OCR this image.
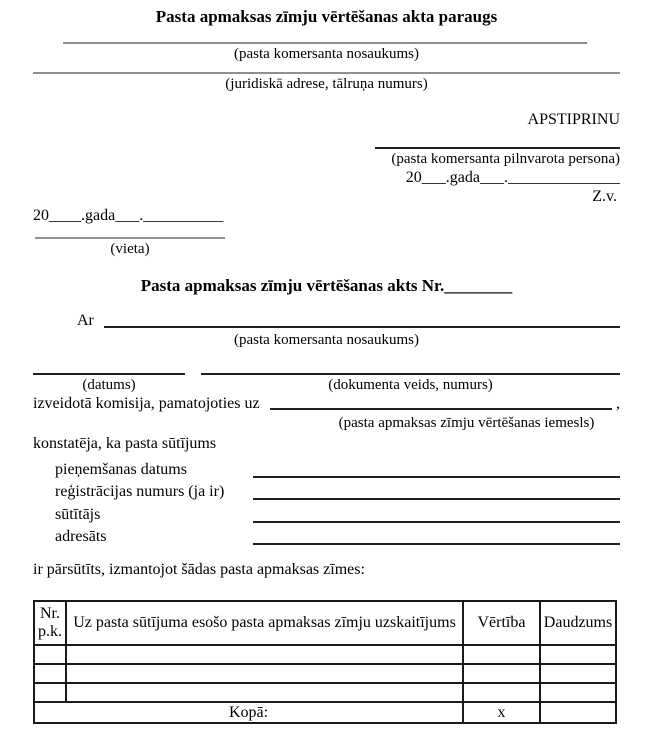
Pasta apmaksas zīmju vērtēšanas akta paraugs
(pasta komersanta nosaukums)
(juridiskā adrese, tālruņa numurs)
APSTIPRINU
(pasta komersanta pilnvarota persona)
20___.gada___.______________
Z.v.
20____.gada___.__________
(vieta)
Pasta apmaksas zīmju vērtēšanas akts Nr.________
Ar
(pasta komersanta nosaukums)
(datums)	(dokumenta veids, numurs)
izveidotā komisija, pamatojoties uz	,
(pasta apmaksas zīmju vērtēšanas iemesls)
konstatēja, ka pasta sūtījums
pieņemšanas datums
reģistrācijas numurs (ja ir)
sūtītājs
adresāts
ir pārsūtīts, izmantojot šādas pasta apmaksas zīmes:
Nr.
p.k.	Uz pasta sūtījuma esošo pasta apmaksas zīmju uzskaitījums	Vērtība	Daudzums

Kopā:		x	
